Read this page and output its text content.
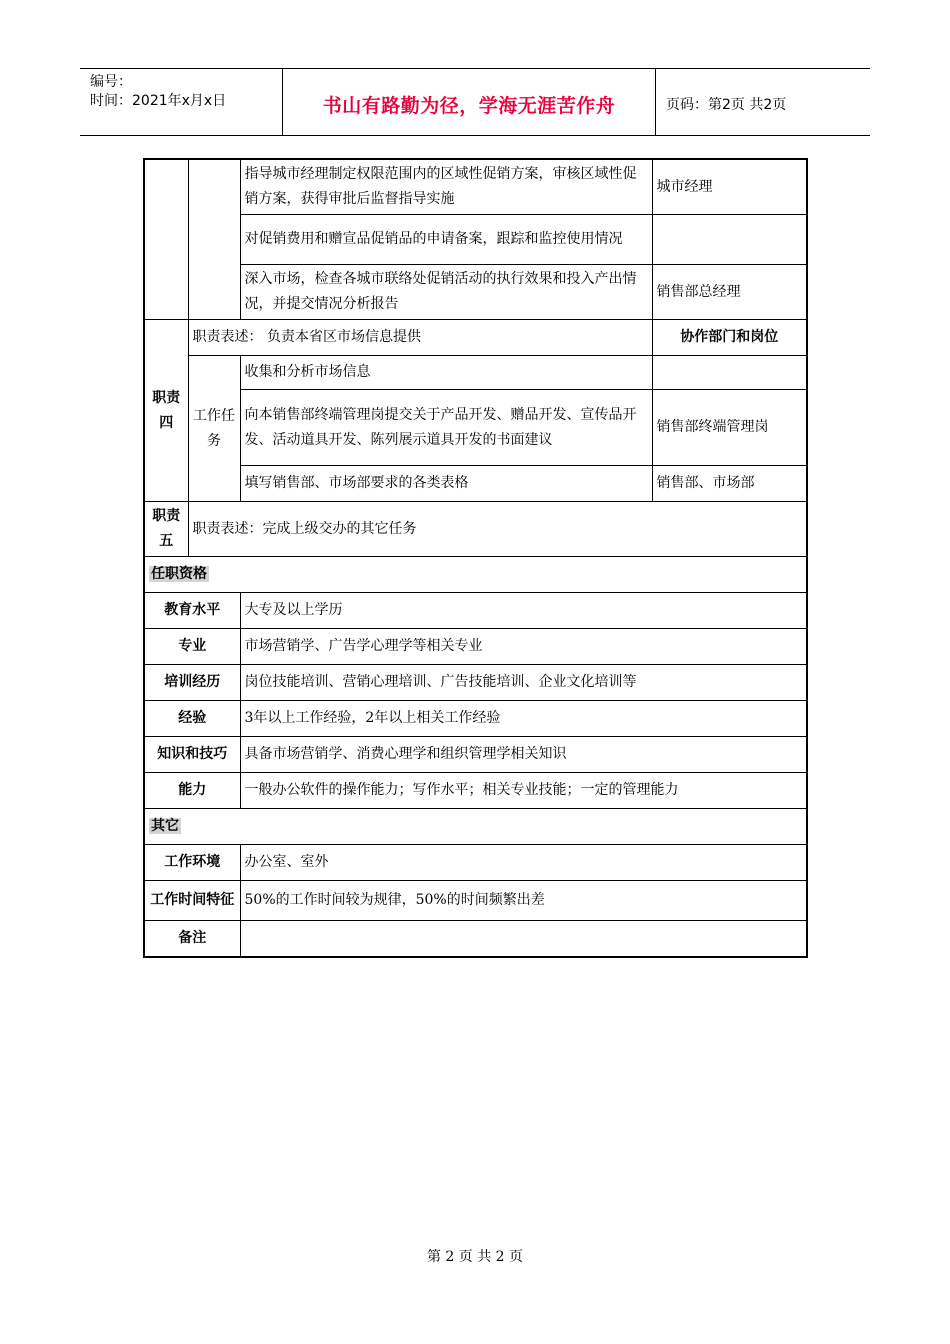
编号：
时间：2021年x月x日	书山有路勤为径，学海无涯苦作舟	页码：第2页 共2页
		指导城市经理制定权限范围内的区域性促销方案，审核区域性促销方案，获得审批后监督指导实施	城市经理
		对促销费用和赠宣品促销品的申请备案，跟踪和监控使用情况	
		深入市场，检查各城市联络处促销活动的执行效果和投入产出情况，并提交情况分析报告	销售部总经理
职责四	职责表述： 负责本省区市场信息提供		协作部门和岗位
	工作任务	收集和分析市场信息	
		向本销售部终端管理岗提交关于产品开发、赠品开发、宣传品开发、活动道具开发、陈列展示道具开发的书面建议	销售部终端管理岗
		填写销售部、市场部要求的各类表格	销售部、市场部
职责五	职责表述：完成上级交办的其它任务		
任职资格			
教育水平		大专及以上学历	
专业		市场营销学、广告学心理学等相关专业	
培训经历		岗位技能培训、营销心理培训、广告技能培训、企业文化培训等	
经验		3年以上工作经验，2年以上相关工作经验	
知识和技巧		具备市场营销学、消费心理学和组织管理学相关知识	
能力		一般办公软件的操作能力；写作水平；相关专业技能；一定的管理能力	
其它			
工作环境		办公室、室外	
工作时间特征		50%的工作时间较为规律，50%的时间频繁出差	
备注			
第 2 页 共 2 页
